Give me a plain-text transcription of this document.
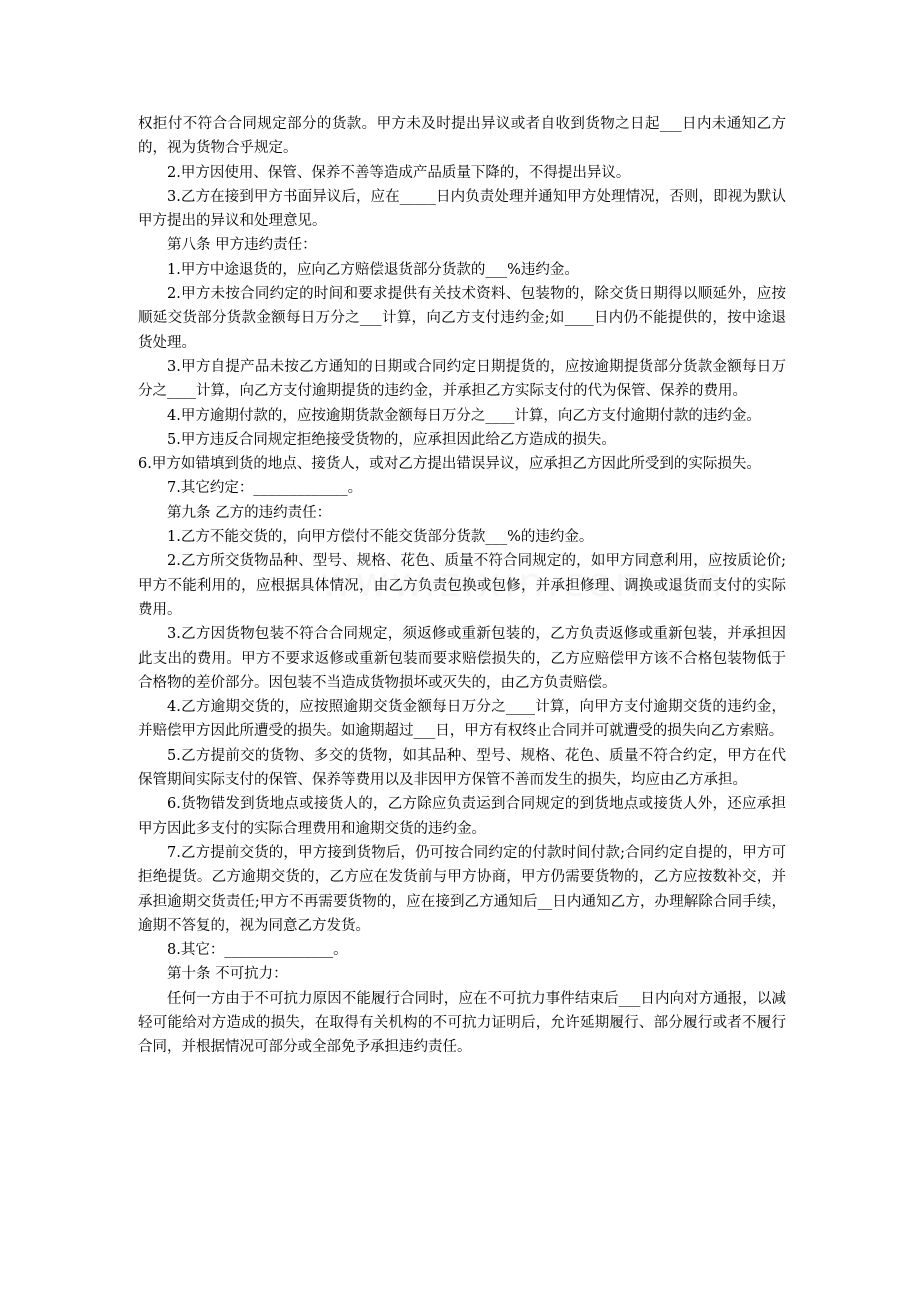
权拒付不符合合同规定部分的货款。甲方未及时提出异议或者自收到货物之日起___日内未通知乙方的，视为货物合乎规定。

2.甲方因使用、保管、保养不善等造成产品质量下降的，不得提出异议。

3.乙方在接到甲方书面异议后，应在_____日内负责处理并通知甲方处理情况，否则，即视为默认甲方提出的异议和处理意见。

第八条 甲方违约责任：

1.甲方中途退货的，应向乙方赔偿退货部分货款的___%违约金。

2.甲方未按合同约定的时间和要求提供有关技术资料、包装物的，除交货日期得以顺延外，应按顺延交货部分货款金额每日万分之___计算，向乙方支付违约金;如____日内仍不能提供的，按中途退货处理。

3.甲方自提产品未按乙方通知的日期或合同约定日期提货的，应按逾期提货部分货款金额每日万分之____计算，向乙方支付逾期提货的违约金，并承担乙方实际支付的代为保管、保养的费用。

4.甲方逾期付款的，应按逾期货款金额每日万分之____计算，向乙方支付逾期付款的违约金。

5.甲方违反合同规定拒绝接受货物的，应承担因此给乙方造成的损失。

6.甲方如错填到货的地点、接货人，或对乙方提出错误异议，应承担乙方因此所受到的实际损失。

7.其它约定：_____________。

第九条 乙方的违约责任：

1.乙方不能交货的，向甲方偿付不能交货部分货款___%的违约金。

2.乙方所交货物品种、型号、规格、花色、质量不符合同规定的，如甲方同意利用，应按质论价;甲方不能利用的，应根据具体情况，由乙方负责包换或包修，并承担修理、调换或退货而支付的实际费用。

3.乙方因货物包装不符合合同规定，须返修或重新包装的，乙方负责返修或重新包装，并承担因此支出的费用。甲方不要求返修或重新包装而要求赔偿损失的，乙方应赔偿甲方该不合格包装物低于合格物的差价部分。因包装不当造成货物损坏或灭失的，由乙方负责赔偿。

4.乙方逾期交货的，应按照逾期交货金额每日万分之____计算，向甲方支付逾期交货的违约金，并赔偿甲方因此所遭受的损失。如逾期超过___日，甲方有权终止合同并可就遭受的损失向乙方索赔。

5.乙方提前交的货物、多交的货物，如其品种、型号、规格、花色、质量不符合约定，甲方在代保管期间实际支付的保管、保养等费用以及非因甲方保管不善而发生的损失，均应由乙方承担。

6.货物错发到货地点或接货人的，乙方除应负责运到合同规定的到货地点或接货人外，还应承担甲方因此多支付的实际合理费用和逾期交货的违约金。

7.乙方提前交货的，甲方接到货物后，仍可按合同约定的付款时间付款;合同约定自提的，甲方可拒绝提货。乙方逾期交货的，乙方应在发货前与甲方协商，甲方仍需要货物的，乙方应按数补交，并承担逾期交货责任;甲方不再需要货物的，应在接到乙方通知后__日内通知乙方，办理解除合同手续，逾期不答复的，视为同意乙方发货。

8.其它：_______________。

第十条 不可抗力：

任何一方由于不可抗力原因不能履行合同时，应在不可抗力事件结束后___日内向对方通报，以减轻可能给对方造成的损失，在取得有关机构的不可抗力证明后，允许延期履行、部分履行或者不履行合同，并根据情况可部分或全部免予承担违约责任。
